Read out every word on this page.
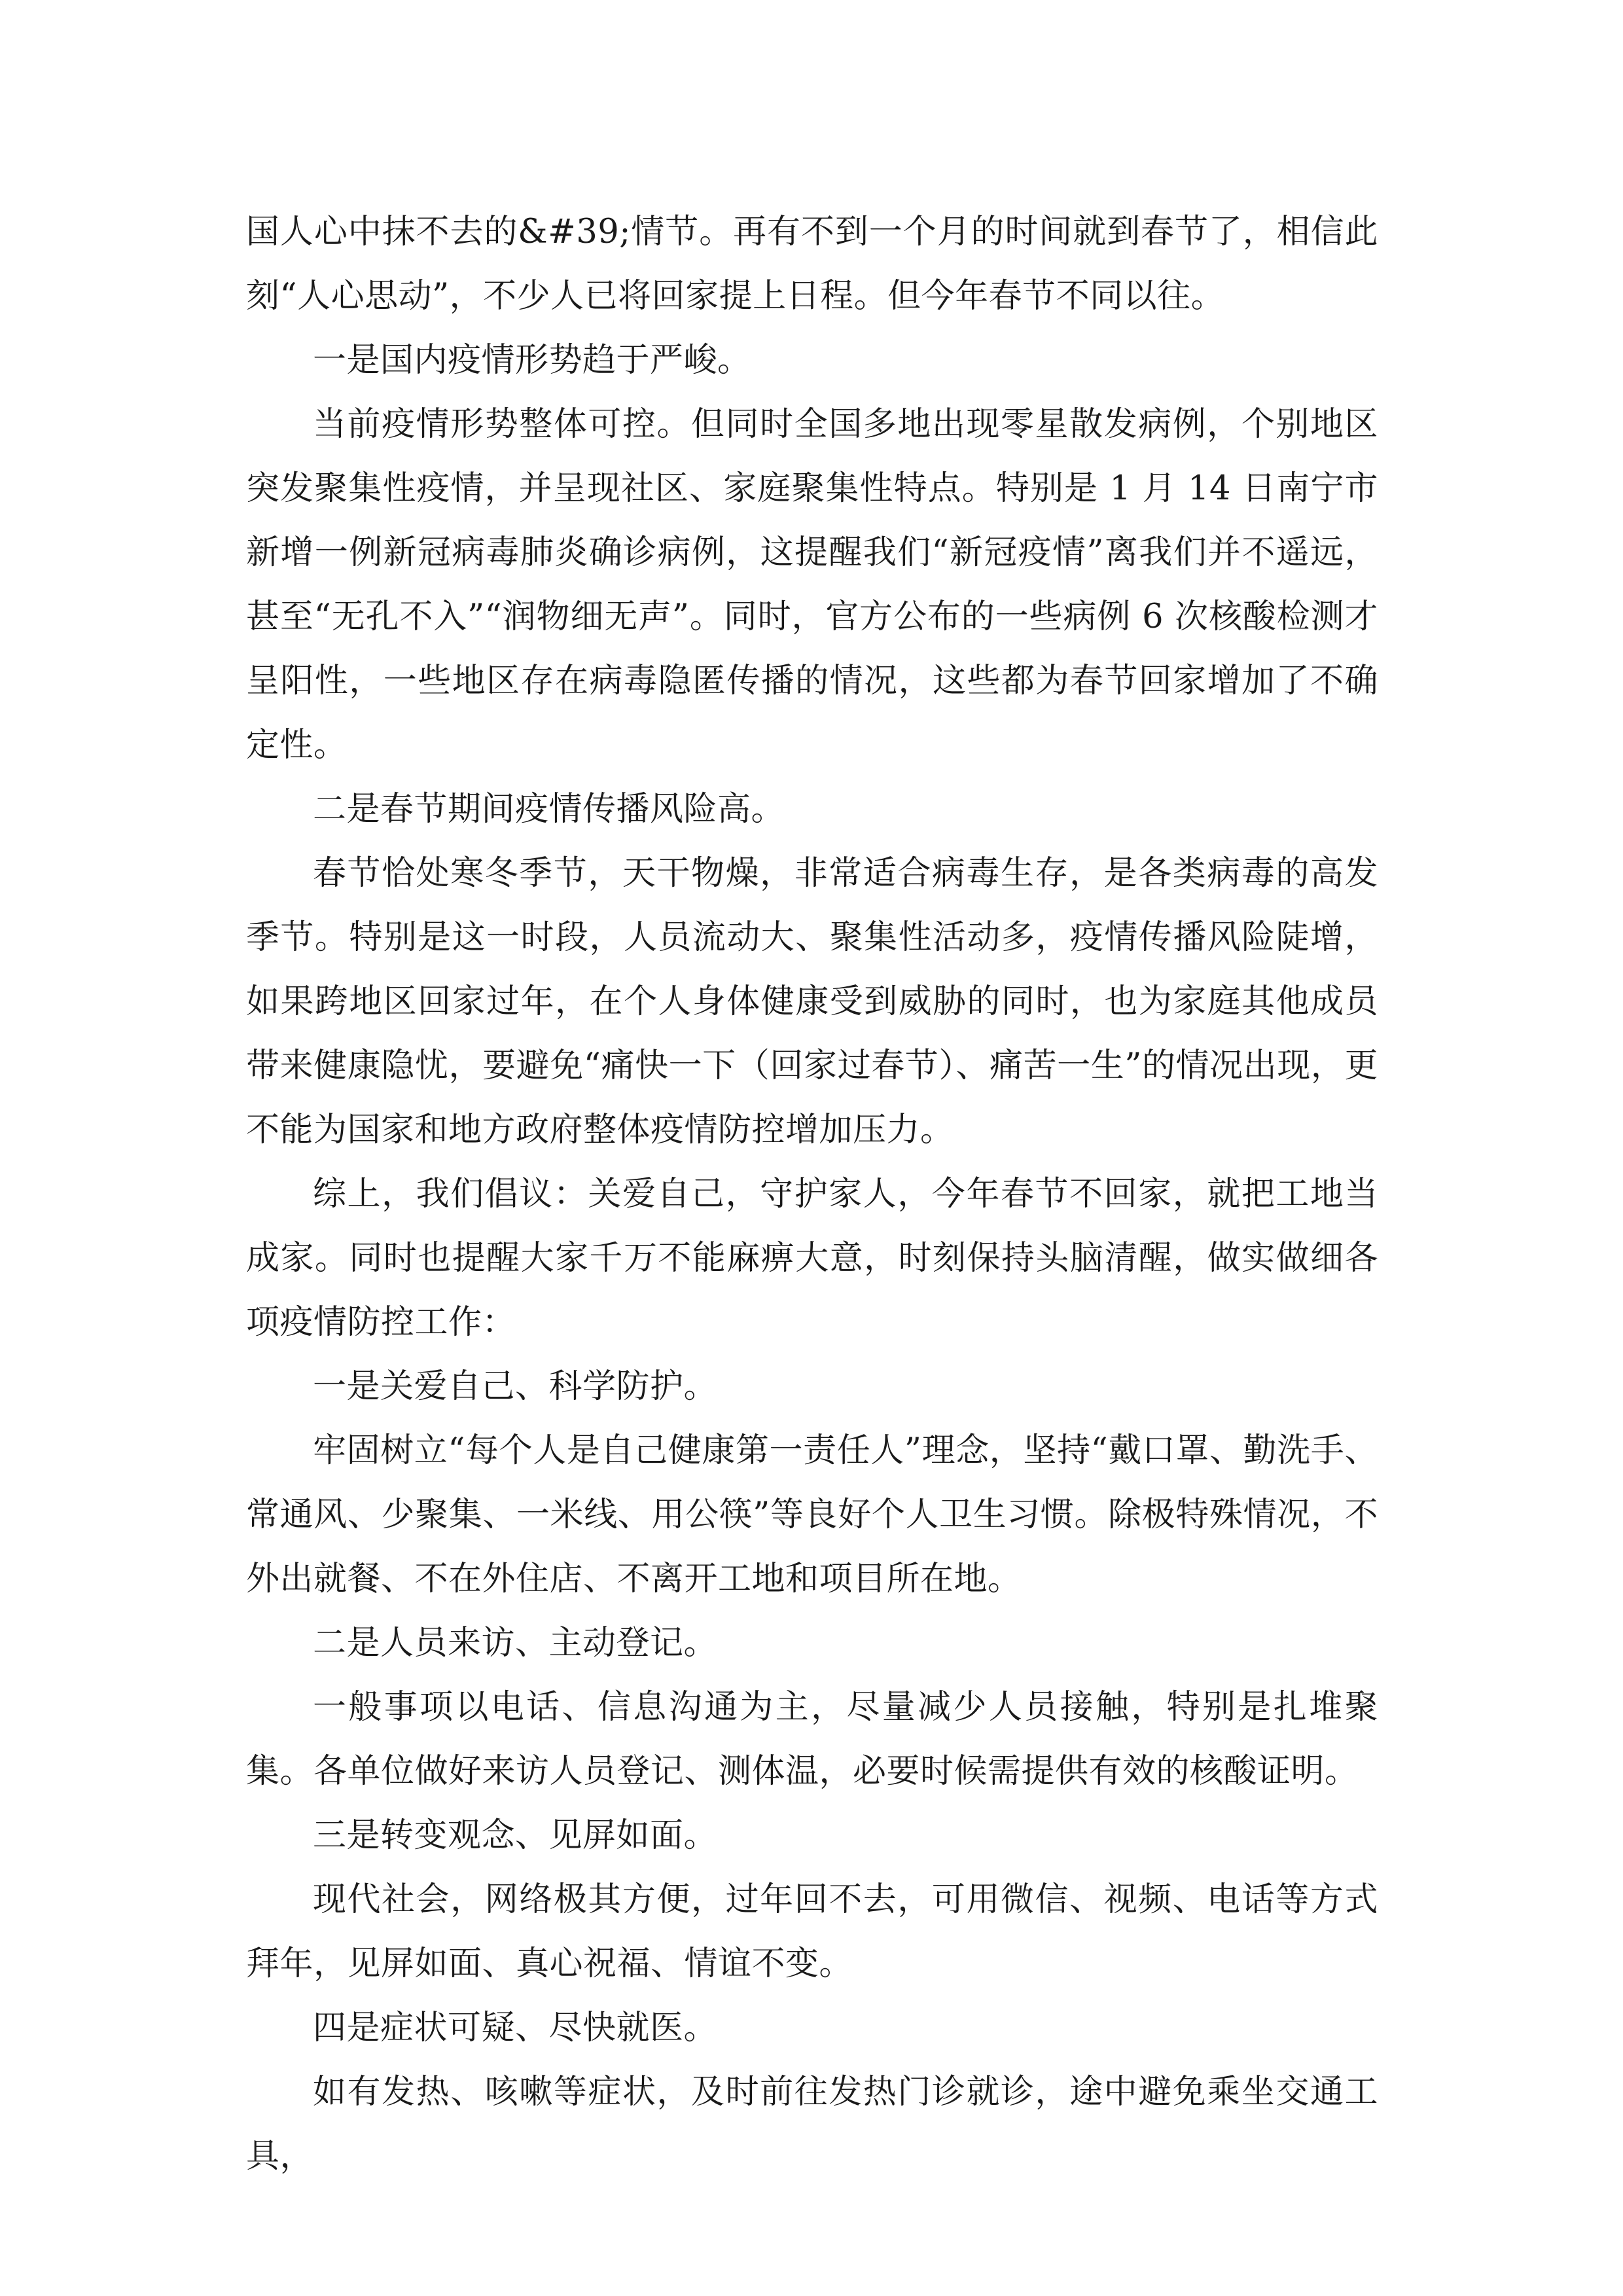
国人心中抹不去的&#39;情节。再有不到一个月的时间就到春节了，相信此刻“人心思动”，不少人已将回家提上日程。但今年春节不同以往。

一是国内疫情形势趋于严峻。

当前疫情形势整体可控。但同时全国多地出现零星散发病例，个别地区突发聚集性疫情，并呈现社区、家庭聚集性特点。特别是 1 月 14 日南宁市新增一例新冠病毒肺炎确诊病例，这提醒我们“新冠疫情”离我们并不遥远，甚至“无孔不入”“润物细无声”。同时，官方公布的一些病例 6 次核酸检测才呈阳性，一些地区存在病毒隐匿传播的情况，这些都为春节回家增加了不确定性。

二是春节期间疫情传播风险高。

春节恰处寒冬季节，天干物燥，非常适合病毒生存，是各类病毒的高发季节。特别是这一时段，人员流动大、聚集性活动多，疫情传播风险陡增，如果跨地区回家过年，在个人身体健康受到威胁的同时，也为家庭其他成员带来健康隐忧，要避免“痛快一下（回家过春节）、痛苦一生”的情况出现，更不能为国家和地方政府整体疫情防控增加压力。

综上，我们倡议：关爱自己，守护家人，今年春节不回家，就把工地当成家。同时也提醒大家千万不能麻痹大意，时刻保持头脑清醒，做实做细各项疫情防控工作：

一是关爱自己、科学防护。

牢固树立“每个人是自己健康第一责任人”理念，坚持“戴口罩、勤洗手、常通风、少聚集、一米线、用公筷”等良好个人卫生习惯。除极特殊情况，不外出就餐、不在外住店、不离开工地和项目所在地。

二是人员来访、主动登记。

一般事项以电话、信息沟通为主，尽量减少人员接触，特别是扎堆聚集。各单位做好来访人员登记、测体温，必要时候需提供有效的核酸证明。

三是转变观念、见屏如面。

现代社会，网络极其方便，过年回不去，可用微信、视频、电话等方式拜年，见屏如面、真心祝福、情谊不变。

四是症状可疑、尽快就医。

如有发热、咳嗽等症状，及时前往发热门诊就诊，途中避免乘坐交通工具，
